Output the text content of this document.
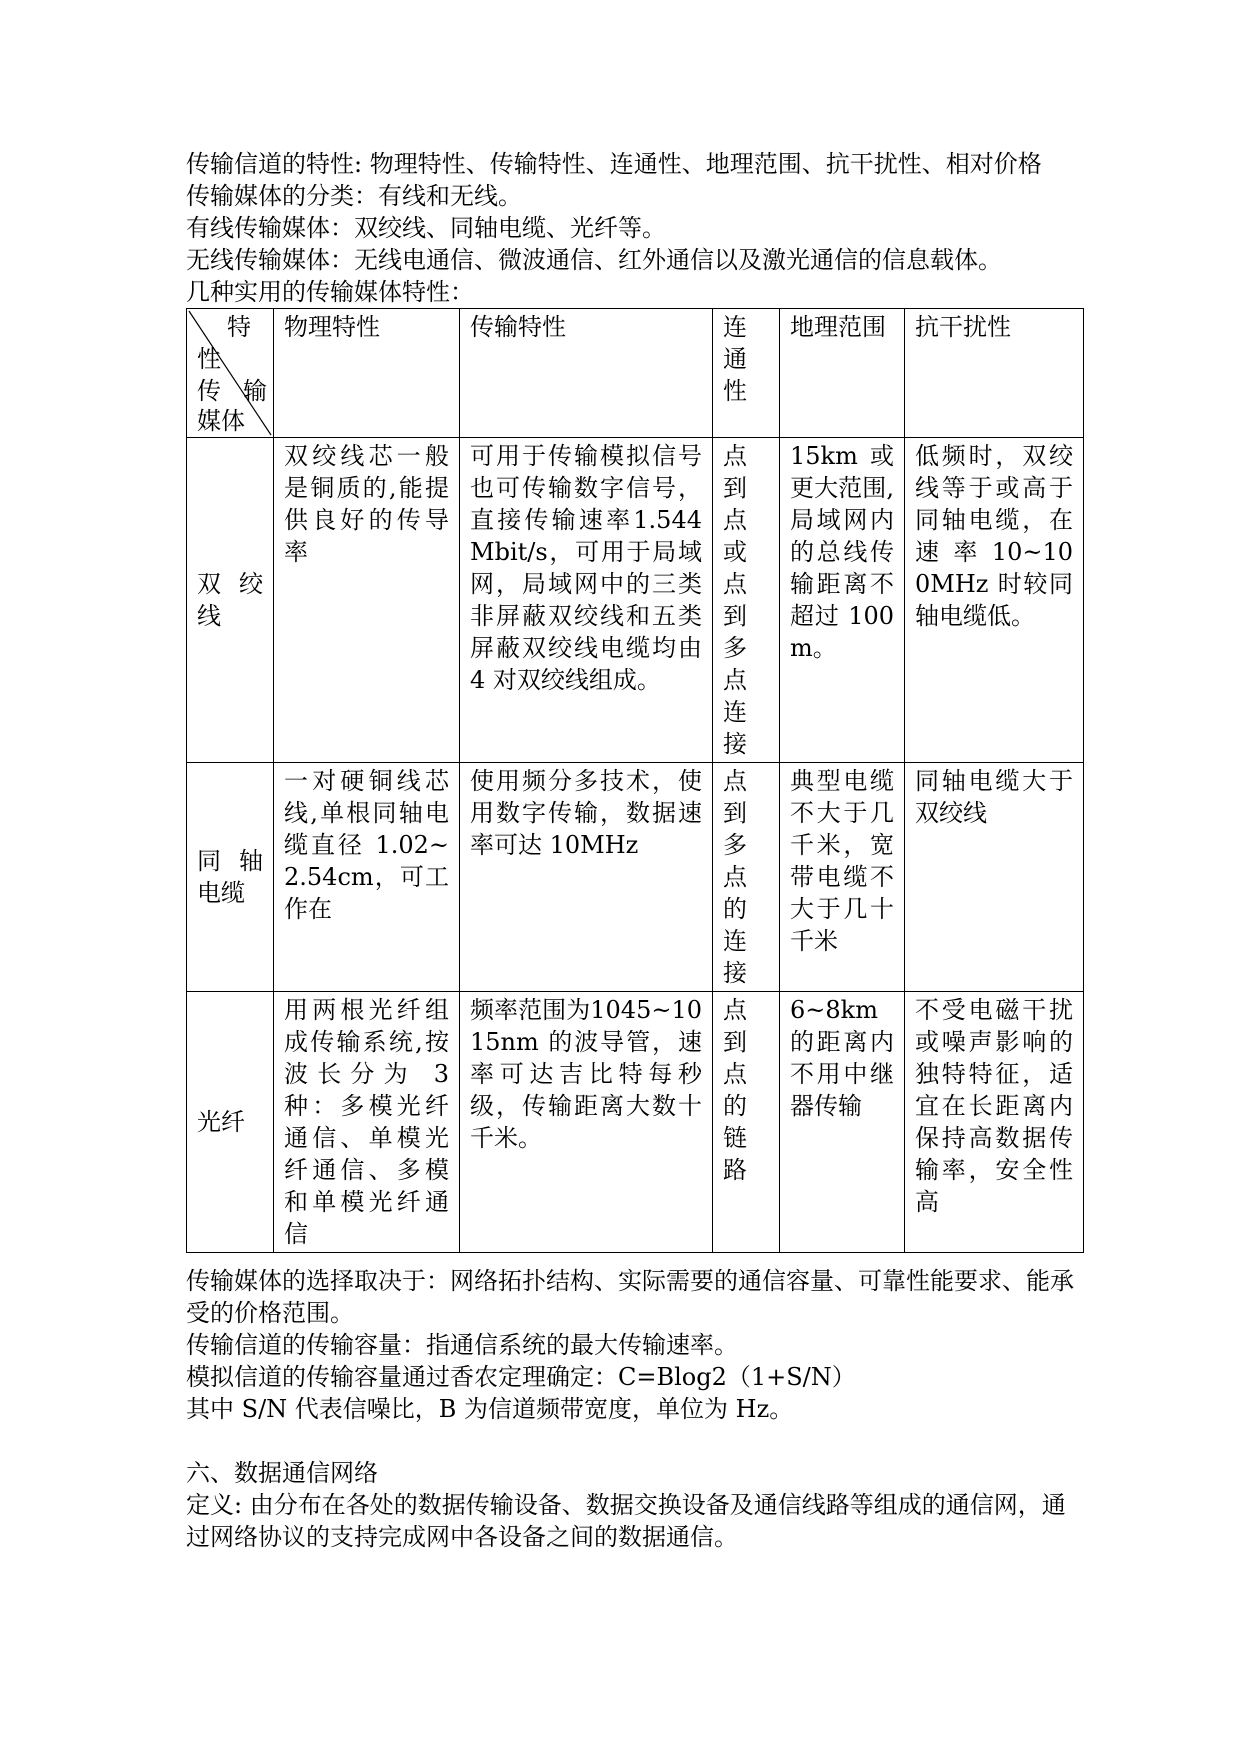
传输信道的特性: 物理特性、传输特性、连通性、地理范围、抗干扰性、相对价格

传输媒体的分类：有线和无线。

有线传输媒体：双绞线、同轴电缆、光纤等。

无线传输媒体：无线电通信、微波通信、红外通信以及激光通信的信息载体。

几种实用的传输媒体特性：

特
性
传 输
媒体	物理特性	传输特性	连通性	地理范围	抗干扰性
双 绞线	双绞线芯一般是铜质的,能提供良好的传导率	可用于传输模拟信号也可传输数字信号，直接传输速率1.544Mbit/s，可用于局域网，局域网中的三类非屏蔽双绞线和五类屏蔽双绞线电缆均由 4 对双绞线组成。	点到点或点到多点连接	15km 或更大范围,局域网内的总线传输距离不超过 100m。	低频时，双绞线等于或高于同轴电缆，在速 率 10~100MHz 时较同轴电缆低。
同 轴电缆	一对硬铜线芯线,单根同轴电缆直径 1.02~2.54cm，可工作在	使用频分多技术，使用数字传输，数据速率可达 10MHz	点到多点的连接	典型电缆不大于几千米，宽带电缆不大于几十千米	同轴电缆大于双绞线
光纤	用两根光纤组成传输系统,按波长分为 3 种：多模光纤通信、单模光纤通信、多模和单模光纤通信	频率范围为1045~1015nm 的波导管，速率可达吉比特每秒级，传输距离大数十千米。	点到点的链路	6~8km 的距离内不用中继器传输	不受电磁干扰或噪声影响的独特特征，适宜在长距离内保持高数据传输率，安全性高

传输媒体的选择取决于：网络拓扑结构、实际需要的通信容量、可靠性能要求、能承受的价格范围。

传输信道的传输容量：指通信系统的最大传输速率。

模拟信道的传输容量通过香农定理确定：C=Blog2（1+S/N）

其中 S/N 代表信噪比，B 为信道频带宽度，单位为 Hz。

六、数据通信网络

定义: 由分布在各处的数据传输设备、数据交换设备及通信线路等组成的通信网，通过网络协议的支持完成网中各设备之间的数据通信。
